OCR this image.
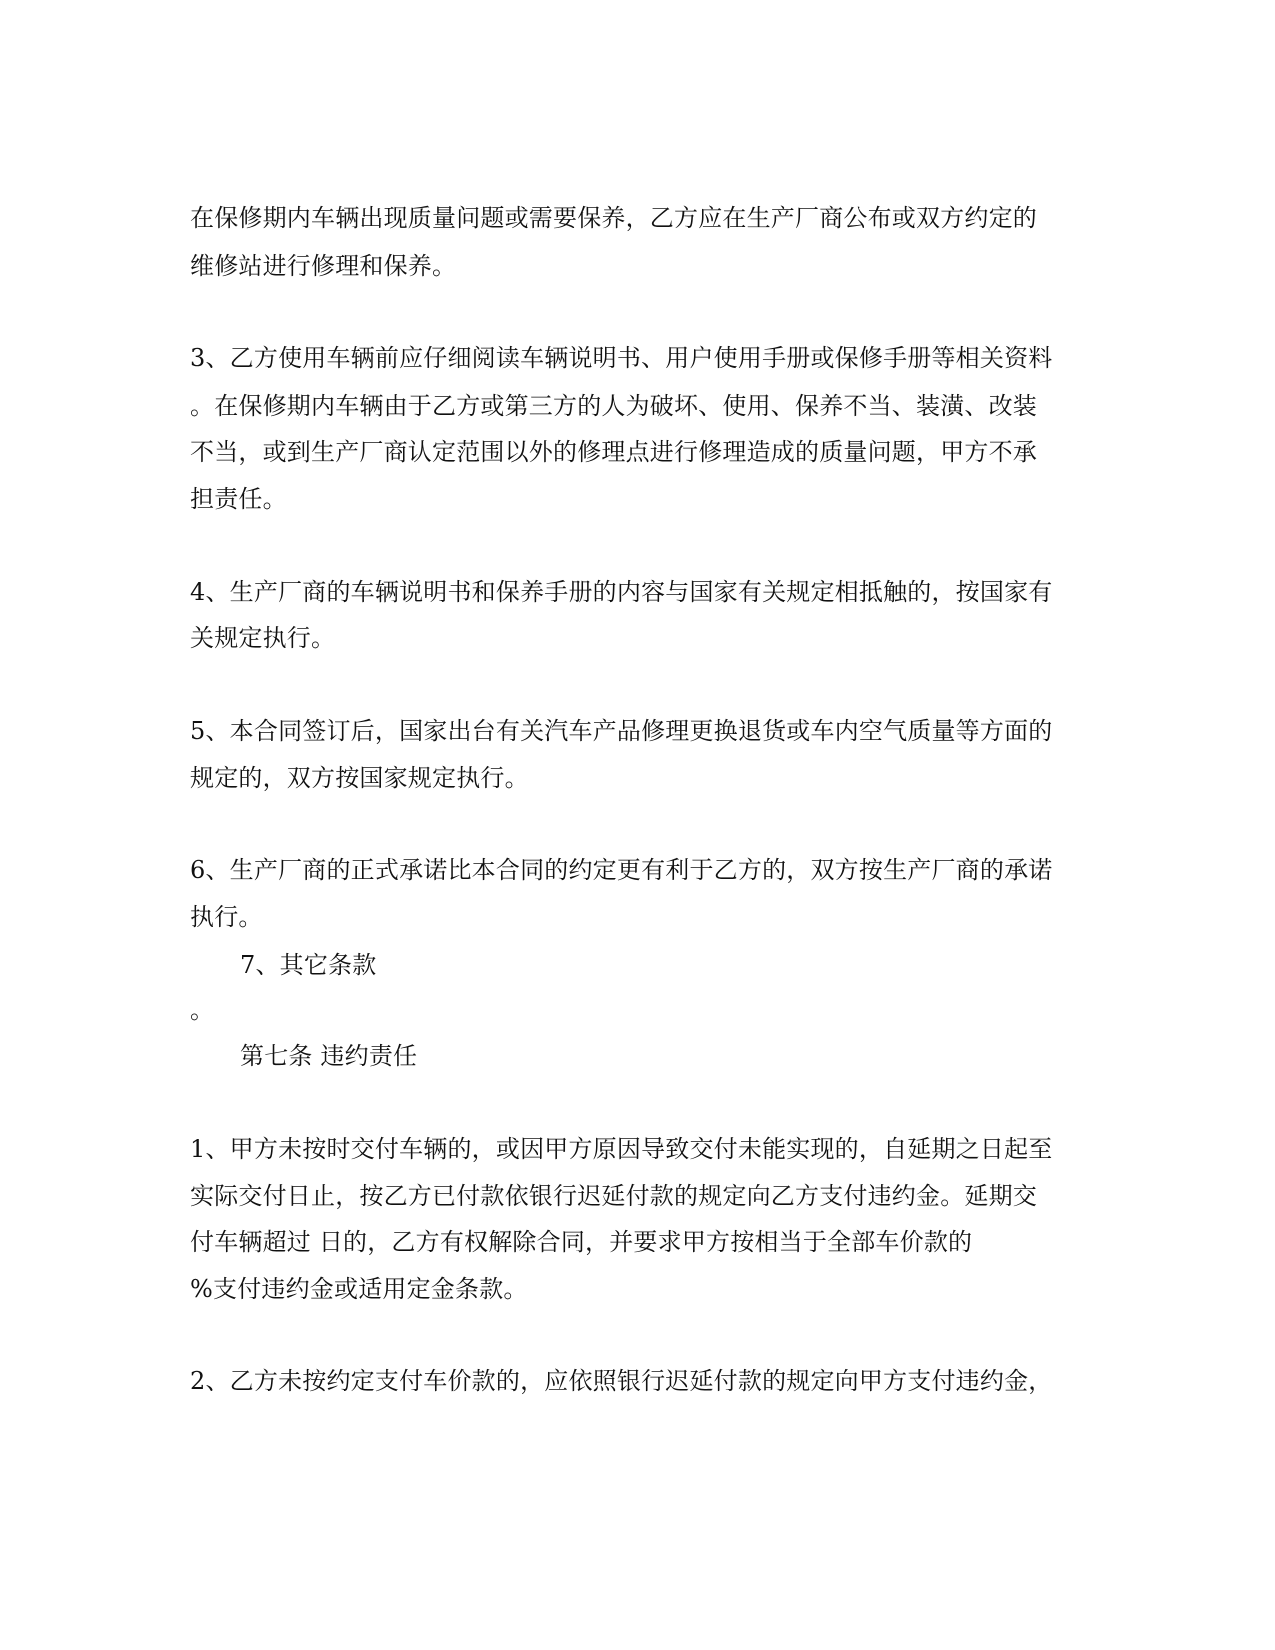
在保修期内车辆出现质量问题或需要保养，乙方应在生产厂商公布或双方约定的
维修站进行修理和保养。
3、乙方使用车辆前应仔细阅读车辆说明书、用户使用手册或保修手册等相关资料
。在保修期内车辆由于乙方或第三方的人为破坏、使用、保养不当、装潢、改装
不当，或到生产厂商认定范围以外的修理点进行修理造成的质量问题，甲方不承
担责任。
4、生产厂商的车辆说明书和保养手册的内容与国家有关规定相抵触的，按国家有
关规定执行。
5、本合同签订后，国家出台有关汽车产品修理更换退货或车内空气质量等方面的
规定的，双方按国家规定执行。
6、生产厂商的正式承诺比本合同的约定更有利于乙方的，双方按生产厂商的承诺
执行。
7、其它条款
。
第七条 违约责任
1、甲方未按时交付车辆的，或因甲方原因导致交付未能实现的，自延期之日起至
实际交付日止，按乙方已付款依银行迟延付款的规定向乙方支付违约金。延期交
付车辆超过 日的，乙方有权解除合同，并要求甲方按相当于全部车价款的
%支付违约金或适用定金条款。
2、乙方未按约定支付车价款的，应依照银行迟延付款的规定向甲方支付违约金，
